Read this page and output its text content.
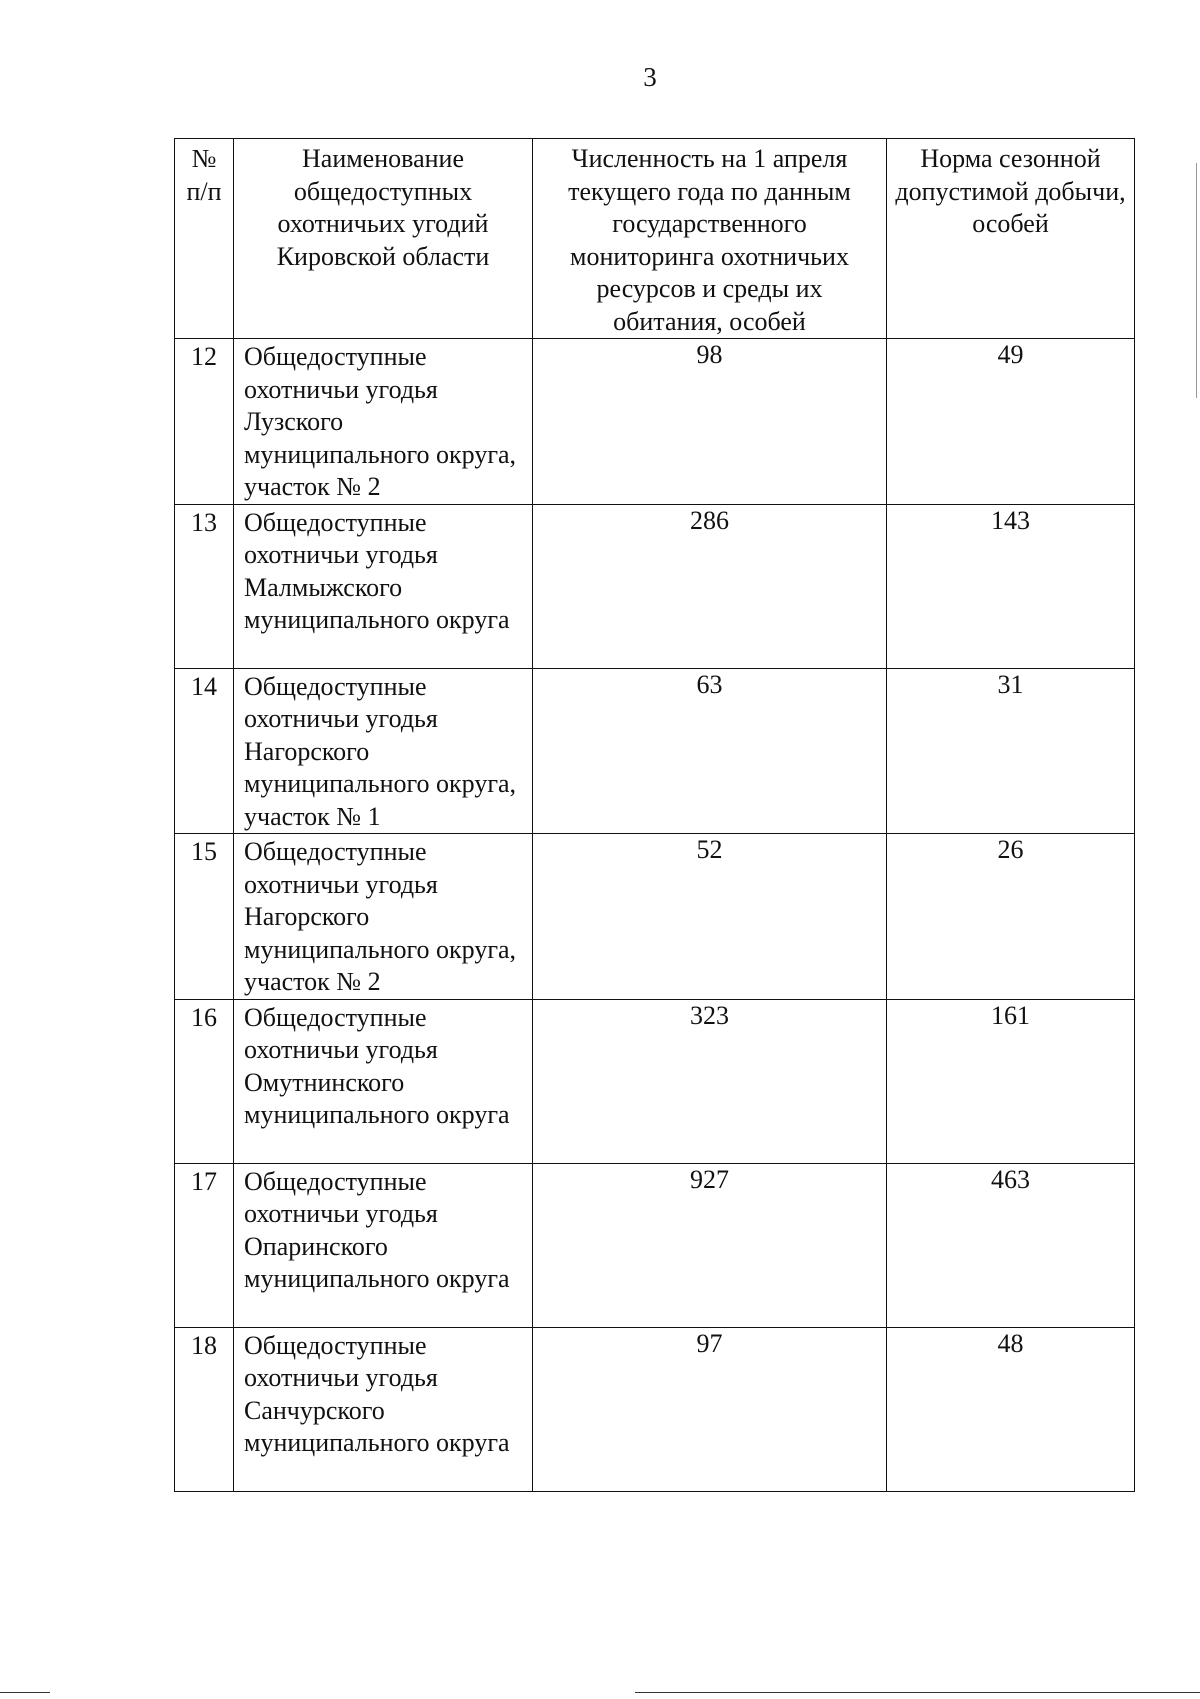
3
№ п/п	Наименование общедоступных охотничьих угодий Кировской области	Численность на 1 апреля текущего года по данным государственного мониторинга охотничьих ресурсов и среды их обитания, особей	Норма сезонной допустимой добычи, особей
12	Общедоступные охотничьи угодья Лузского муниципального округа, участок № 2	98	49
13	Общедоступные охотничьи угодья Малмыжского муниципального округа	286	143
14	Общедоступные охотничьи угодья Нагорского муниципального округа, участок № 1	63	31
15	Общедоступные охотничьи угодья Нагорского муниципального округа, участок № 2	52	26
16	Общедоступные охотничьи угодья Омутнинского муниципального округа	323	161
17	Общедоступные охотничьи угодья Опаринского муниципального округа	927	463
18	Общедоступные охотничьи угодья Санчурского муниципального округа	97	48
